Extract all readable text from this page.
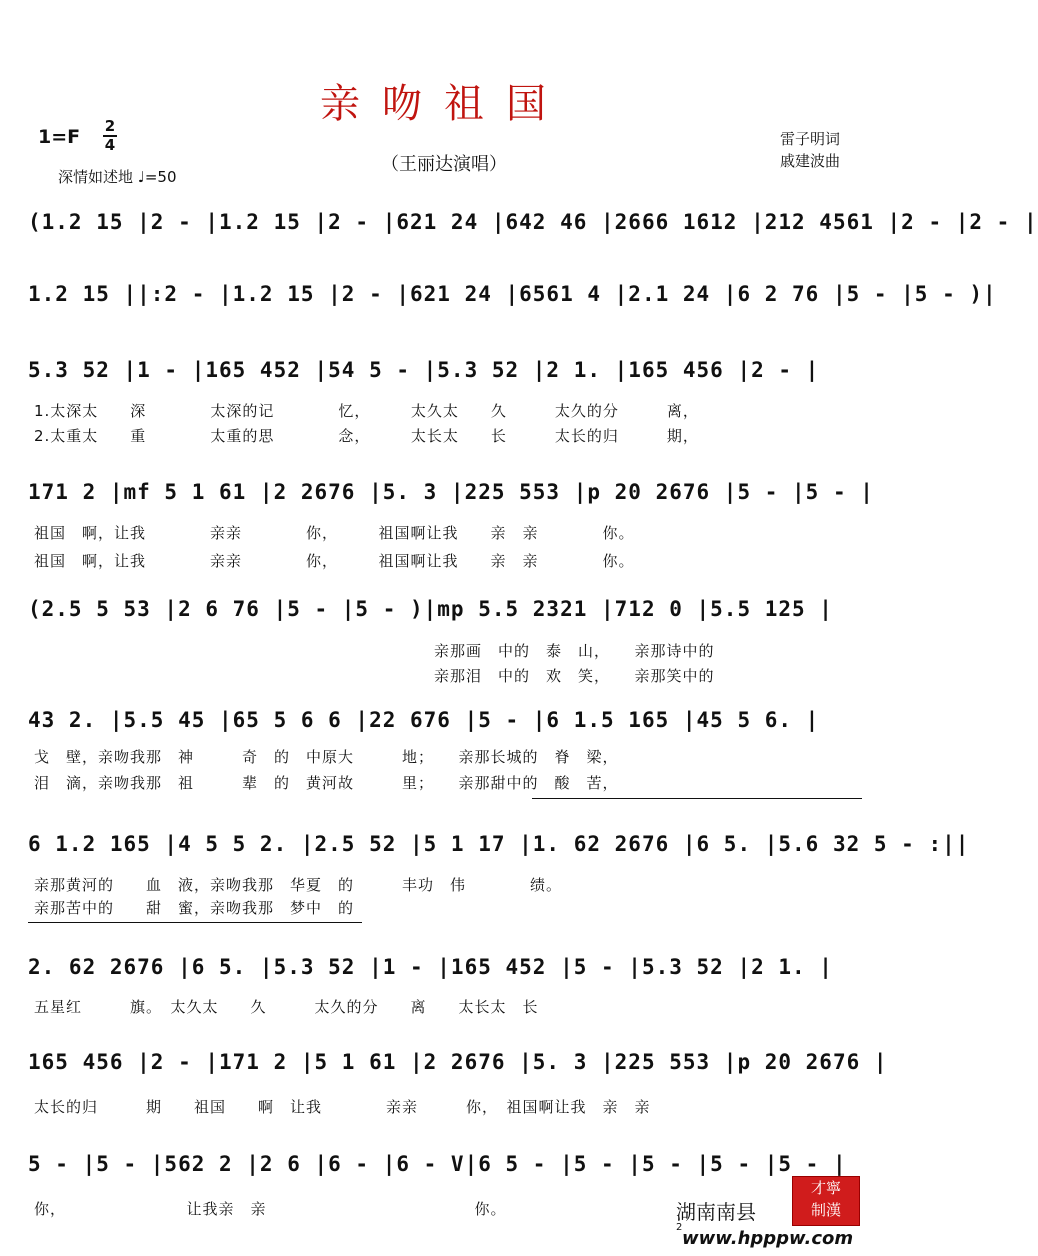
亲吻祖国
（王丽达演唱）
1=F 2
4
深情如述地 ♩=50
雷子明词
戚建波曲
(1.2 15 |2 - |1.2 15 |2 - |621 24 |642 46 |2666 1612 |212 4561 |2 - |2 - |
1.2 15 ||:2 - |1.2 15 |2 - |621 24 |6561 4 |2.1 24 |6 2 76 |5 - |5 - )|
5.3 52 |1 - |165 452 |54 5 - |5.3 52 |2 1. |165 456 |2 - |
1.太深太　　深　　　　太深的记　　　　忆，　　　太久太　　久　　　太久的分　　　离，
2.太重太　　重　　　　太重的思　　　　念，　　　太长太　　长　　　太长的归　　　期，
171 2 |mf 5 1 61 |2 2676 |5. 3 |225 553 |p 20 2676 |5 - |5 - |
祖国　啊，让我　　　　亲亲　　　　你，　　　祖国啊让我　　亲　亲　　　　你。
祖国　啊，让我　　　　亲亲　　　　你，　　　祖国啊让我　　亲　亲　　　　你。
(2.5 5 53 |2 6 76 |5 - |5 - )|mp 5.5 2321 |712 0 |5.5 125 |
　　　　　　　　　　　　　　　　　　　　　　　　　亲那画　中的　泰　山，　　亲那诗中的
　　　　　　　　　　　　　　　　　　　　　　　　　亲那泪　中的　欢　笑，　　亲那笑中的
43 2. |5.5 45 |65 5 6 6 |22 676 |5 - |6 1.5 165 |45 5 6. |
戈　壁，亲吻我那　神　　　奇　的　中原大　　　地；　　亲那长城的　脊　梁，
泪　滴，亲吻我那　祖　　　辈　的　黄河故　　　里；　　亲那甜中的　酸　苦，
6 1.2 165 |4 5 5 2. |2.5 52 |5 1 17 |1. 62 2676 |6 5. |5.6 32 5 - :||
亲那黄河的　　血　液，亲吻我那　华夏　的　　　丰功　伟　　　　绩。
亲那苦中的　　甜　蜜，亲吻我那　梦中　的
2. 62 2676 |6 5. |5.3 52 |1 - |165 452 |5 - |5.3 52 |2 1. |
五星红　　　旗。　太久太　　久　　　太久的分　　离　　太长太　长
165 456 |2 - |171 2 |5 1 61 |2 2676 |5. 3 |225 553 |p 20 2676 |
太长的归　　　期　　祖国　　啊　让我　　　　亲亲　　　你，　祖国啊让我　亲　亲
5 - |5 - |562 2 |2 6 |6 - |6 - V|6 5 - |5 - |5 - |5 - |5 - |
你，　　　　　　　　让我亲　亲　　　　　　　　　　　　　你。	湖南南县
才寧
制漢
2
www.hpppw.com
